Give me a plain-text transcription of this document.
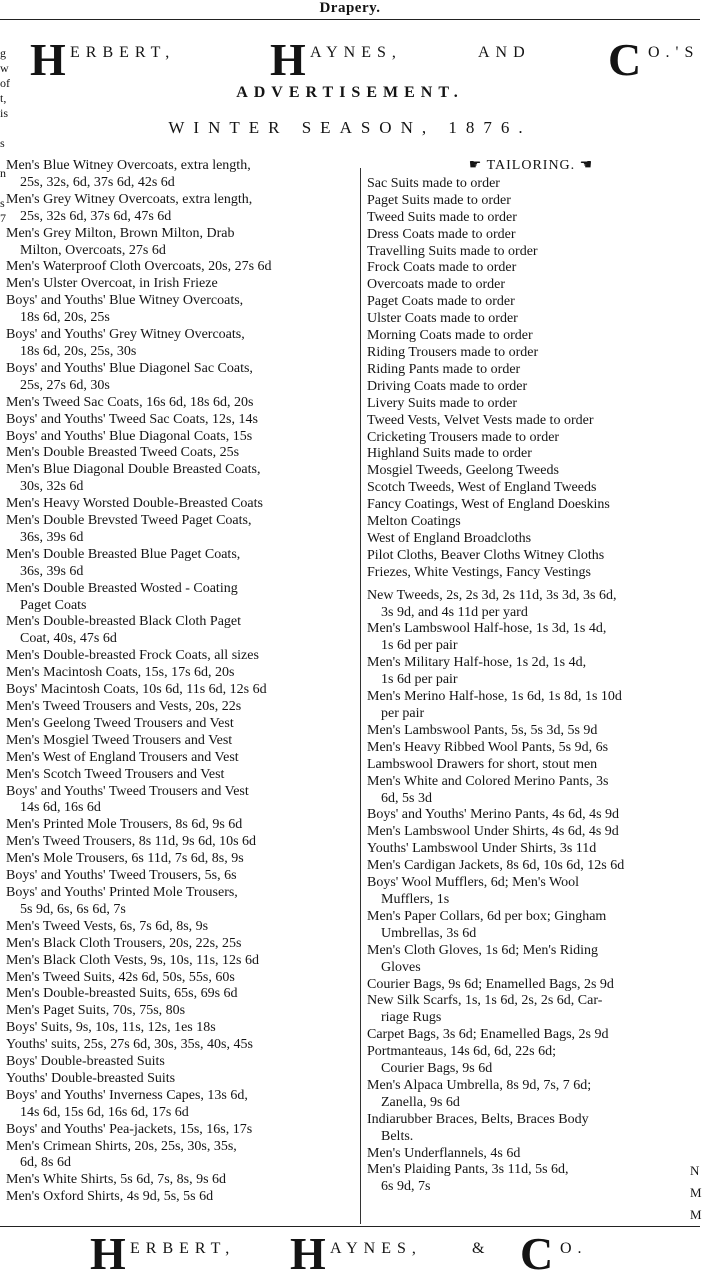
Drapery.
g
w
of
t,
is

s

n

s
7
N
M
M
H ERBERT, H AYNES,	AND C O.'S
ADVERTISEMENT.
WINTER SEASON, 1876.
Men's Blue Witney Overcoats, extra length,
25s, 32s, 6d, 37s 6d, 42s 6d
Men's Grey Witney Overcoats, extra length,
25s, 32s 6d, 37s 6d, 47s 6d
Men's Grey Milton, Brown Milton, Drab
Milton, Overcoats, 27s 6d
Men's Waterproof Cloth Overcoats, 20s, 27s 6d
Men's Ulster Overcoat, in Irish Frieze
Boys' and Youths' Blue Witney Overcoats,
18s 6d, 20s, 25s
Boys' and Youths' Grey Witney Overcoats,
18s 6d, 20s, 25s, 30s
Boys' and Youths' Blue Diagonel Sac Coats,
25s, 27s 6d, 30s
Men's Tweed Sac Coats, 16s 6d, 18s 6d, 20s
Boys' and Youths' Tweed Sac Coats, 12s, 14s
Boys' and Youths' Blue Diagonal Coats, 15s
Men's Double Breasted Tweed Coats, 25s
Men's Blue Diagonal Double Breasted Coats,
30s, 32s 6d
Men's Heavy Worsted Double-Breasted Coats
Men's Double Brevsted Tweed Paget Coats,
36s, 39s 6d
Men's Double Breasted Blue Paget Coats,
36s, 39s 6d
Men's Double Breasted Wosted - Coating
Paget Coats
Men's Double-breasted Black Cloth Paget
Coat, 40s, 47s 6d
Men's Double-breasted Frock Coats, all sizes
Men's Macintosh Coats, 15s, 17s 6d, 20s
Boys' Macintosh Coats, 10s 6d, 11s 6d, 12s 6d
Men's Tweed Trousers and Vests, 20s, 22s
Men's Geelong Tweed Trousers and Vest
Men's Mosgiel Tweed Trousers and Vest
Men's West of England Trousers and Vest
Men's Scotch Tweed Trousers and Vest
Boys' and Youths' Tweed Trousers and Vest
14s 6d, 16s 6d
Men's Printed Mole Trousers, 8s 6d, 9s 6d
Men's Tweed Trousers, 8s 11d, 9s 6d, 10s 6d
Men's Mole Trousers, 6s 11d, 7s 6d, 8s, 9s
Boys' and Youths' Tweed Trousers, 5s, 6s
Boys' and Youths' Printed Mole Trousers,
5s 9d, 6s, 6s 6d, 7s
Men's Tweed Vests, 6s, 7s 6d, 8s, 9s
Men's Black Cloth Trousers, 20s, 22s, 25s
Men's Black Cloth Vests, 9s, 10s, 11s, 12s 6d
Men's Tweed Suits, 42s 6d, 50s, 55s, 60s
Men's Double-breasted Suits, 65s, 69s 6d
Men's Paget Suits, 70s, 75s, 80s
Boys' Suits, 9s, 10s, 11s, 12s, 1es 18s
Youths' suits, 25s, 27s 6d, 30s, 35s, 40s, 45s
Boys' Double-breasted Suits
Youths' Double-breasted Suits
Boys' and Youths' Inverness Capes, 13s 6d,
14s 6d, 15s 6d, 16s 6d, 17s 6d
Boys' and Youths' Pea-jackets, 15s, 16s, 17s
Men's Crimean Shirts, 20s, 25s, 30s, 35s,
6d, 8s 6d
Men's White Shirts, 5s 6d, 7s, 8s, 9s 6d
Men's Oxford Shirts, 4s 9d, 5s, 5s 6d
☛ TAILORING. ☚
Sac Suits made to order
Paget Suits made to order
Tweed Suits made to order
Dress Coats made to order
Travelling Suits made to order
Frock Coats made to order
Overcoats made to order
Paget Coats made to order
Ulster Coats made to order
Morning Coats made to order
Riding Trousers made to order
Riding Pants made to order
Driving Coats made to order
Livery Suits made to order
Tweed Vests, Velvet Vests made to order
Cricketing Trousers made to order
Highland Suits made to order
Mosgiel Tweeds, Geelong Tweeds
Scotch Tweeds, West of England Tweeds
Fancy Coatings, West of England Doeskins
Melton Coatings
West of England Broadcloths
Pilot Cloths, Beaver Cloths Witney Cloths
Friezes, White Vestings, Fancy Vestings
New Tweeds, 2s, 2s 3d, 2s 11d, 3s 3d, 3s 6d,
3s 9d, and 4s 11d per yard
Men's Lambswool Half-hose, 1s 3d, 1s 4d,
1s 6d per pair
Men's Military Half-hose, 1s 2d, 1s 4d,
1s 6d per pair
Men's Merino Half-hose, 1s 6d, 1s 8d, 1s 10d
per pair
Men's Lambswool Pants, 5s, 5s 3d, 5s 9d
Men's Heavy Ribbed Wool Pants, 5s 9d, 6s
Lambswool Drawers for short, stout men
Men's White and Colored Merino Pants, 3s
6d, 5s 3d
Boys' and Youths' Merino Pants, 4s 6d, 4s 9d
Men's Lambswool Under Shirts, 4s 6d, 4s 9d
Youths' Lambswool Under Shirts, 3s 11d
Men's Cardigan Jackets, 8s 6d, 10s 6d, 12s 6d
Boys' Wool Mufflers, 6d; Men's Wool
Mufflers, 1s
Men's Paper Collars, 6d per box; Gingham
Umbrellas, 3s 6d
Men's Cloth Gloves, 1s 6d; Men's Riding
Gloves
Courier Bags, 9s 6d; Enamelled Bags, 2s 9d
New Silk Scarfs, 1s, 1s 6d, 2s, 2s 6d, Car-
riage Rugs
Carpet Bags, 3s 6d; Enamelled Bags, 2s 9d
Portmanteaus, 14s 6d, 6d, 22s 6d;
Courier Bags, 9s 6d
Men's Alpaca Umbrella, 8s 9d, 7s, 7 6d;
Zanella, 9s 6d
Indiarubber Braces, Belts, Braces Body
Belts.
Men's Underflannels, 4s 6d
Men's Plaiding Pants, 3s 11d, 5s 6d,
6s 9d, 7s
H ERBERT, H AYNES,	& C O.
